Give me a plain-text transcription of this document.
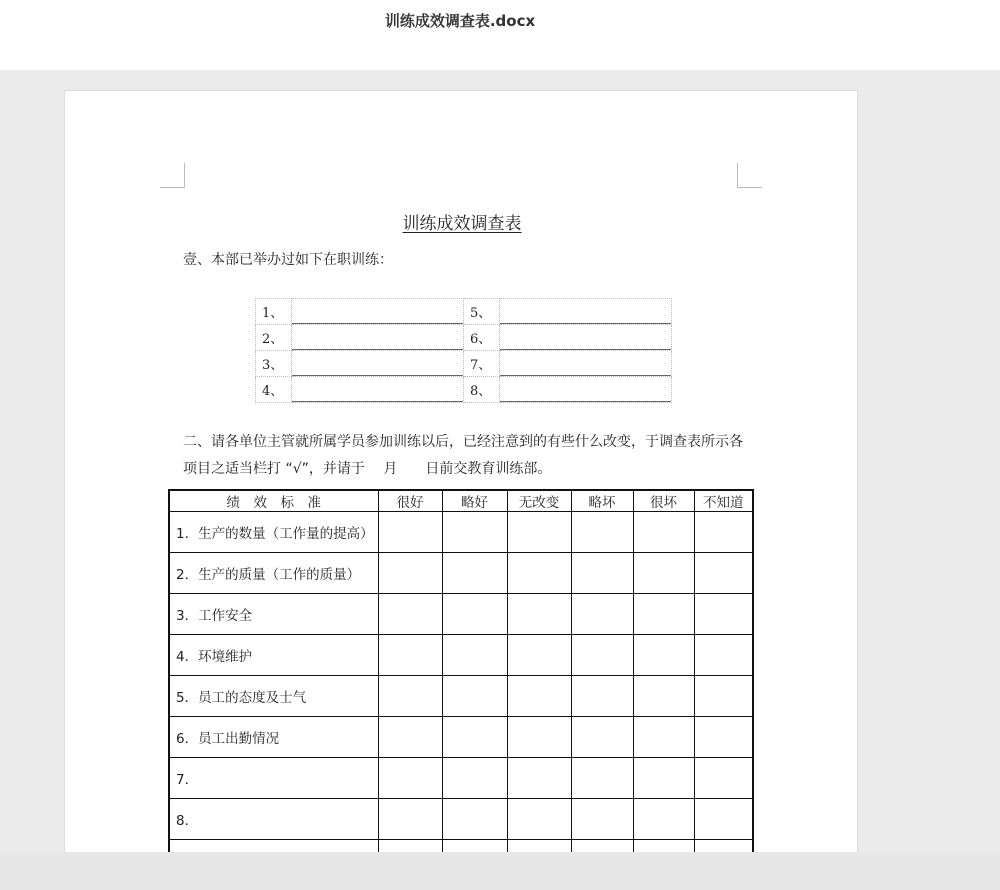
训练成效调查表.docx
训练成效调查表
壹、本部已举办过如下在职训练：
1、		5、	
2、		6、	
3、		7、	
4、		8、	
二、请各单位主管就所属学员参加训练以后，已经注意到的有些什么改变，于调查表所示各
项目之适当栏打 “√”，并请于　 月　　日前交教育训练部。
绩　效　标　准	很好	略好	无改变	略坏	很坏	不知道
1．生产的数量（工作量的提高）						
2．生产的质量（工作的质量）						
3．工作安全						
4．环境维护						
5．员工的态度及士气						
6．员工出勤情况						
7．						
8．						
